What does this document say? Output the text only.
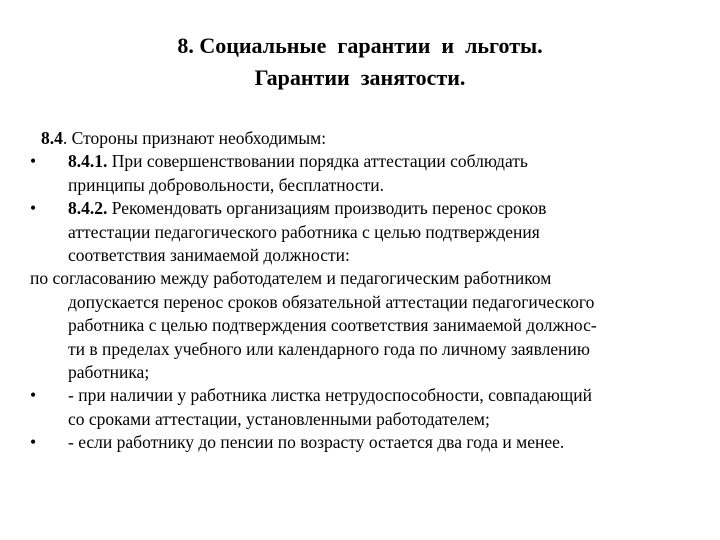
8. Социальные  гарантии  и  льготы.
Гарантии  занятости.
8.4. Стороны признают необходимым:
• 8.4.1. При совершенствовании порядка аттестации соблюдать
принципы добровольности, бесплатности.
• 8.4.2. Рекомендовать организациям производить перенос сроков
аттестации педагогического работника с целью подтверждения
соответствия занимаемой должности:
по согласованию между работодателем и педагогическим работником
допускается перенос сроков обязательной аттестации педагогического
работника с целью подтверждения соответствия занимаемой должнос-
ти в пределах учебного или календарного года по личному заявлению
работника;
• - при наличии у работника листка нетрудоспособности, совпадающий
со сроками аттестации, установленными работодателем;
• - если работнику до пенсии по возрасту остается два года и менее.
